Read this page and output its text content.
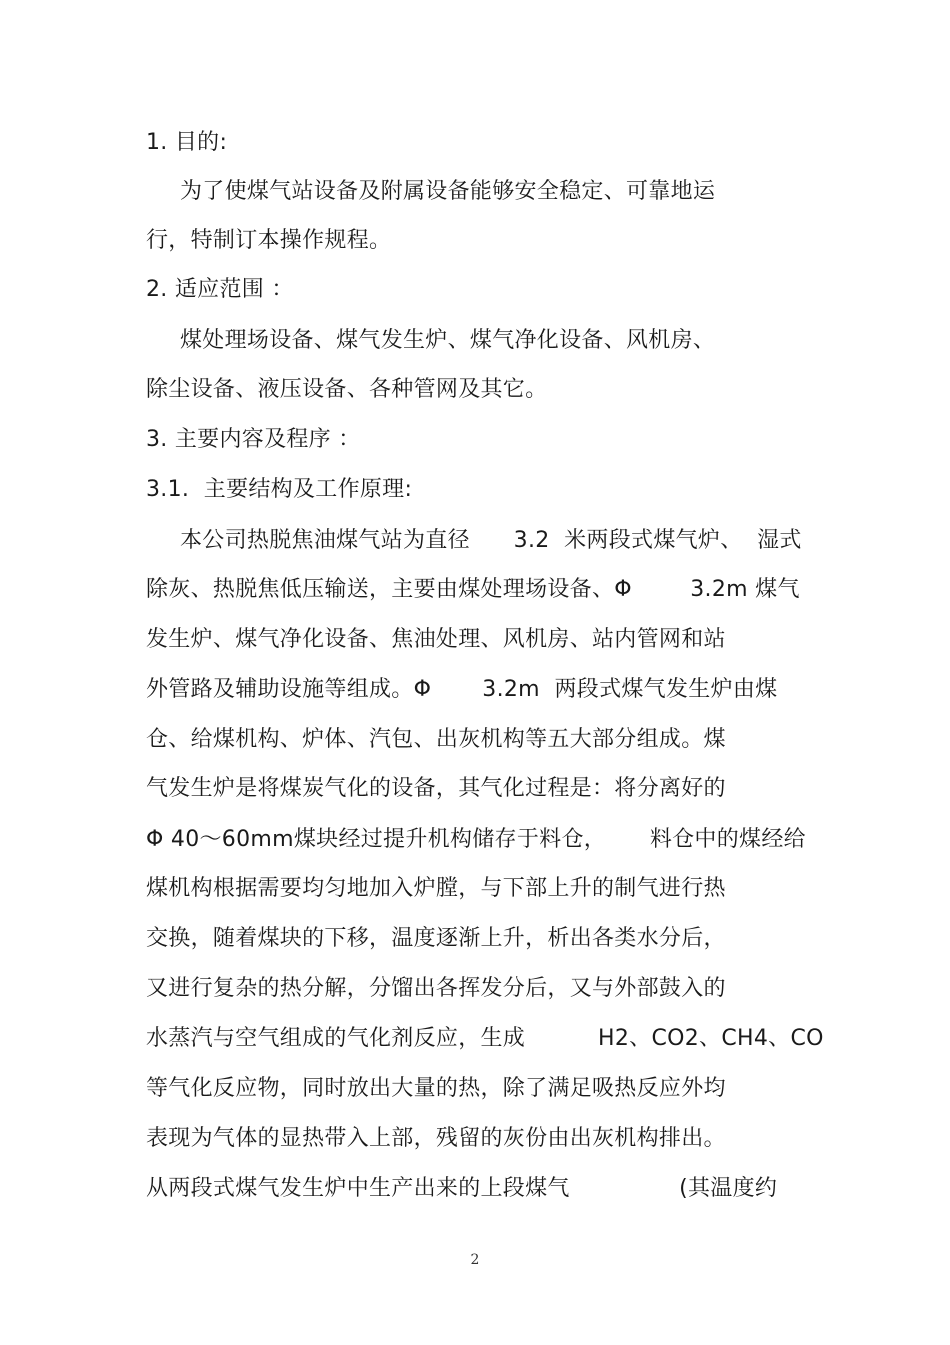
1. 目的:
为了使煤气站设备及附属设备能够安全稳定、可靠地运
行，特制订本操作规程。
2. 适应范围 ：
煤处理场设备、煤气发生炉、煤气净化设备、风机房、
除尘设备、液压设备、各种管网及其它。
3. 主要内容及程序 ：
3.1.  主要结构及工作原理:
本公司热脱焦油煤气站为直径      3.2  米两段式煤气炉、  湿式
除灰、热脱焦低压输送，主要由煤处理场设备、Φ        3.2m 煤气
发生炉、煤气净化设备、焦油处理、风机房、站内管网和站
外管路及辅助设施等组成。Φ       3.2m  两段式煤气发生炉由煤
仓、给煤机构、炉体、汽包、出灰机构等五大部分组成。煤
气发生炉是将煤炭气化的设备，其气化过程是：将分离好的
Φ 40～60mm煤块经过提升机构储存于料仓，      料仓中的煤经给
煤机构根据需要均匀地加入炉膛，与下部上升的制气进行热
交换，随着煤块的下移，温度逐渐上升，析出各类水分后，
又进行复杂的热分解，分馏出各挥发分后，又与外部鼓入的
水蒸汽与空气组成的气化剂反应，生成          H2、CO2、CH4、CO
等气化反应物，同时放出大量的热，除了满足吸热反应外均
表现为气体的显热带入上部，残留的灰份由出灰机构排出。
从两段式煤气发生炉中生产出来的上段煤气               (其温度约
2
